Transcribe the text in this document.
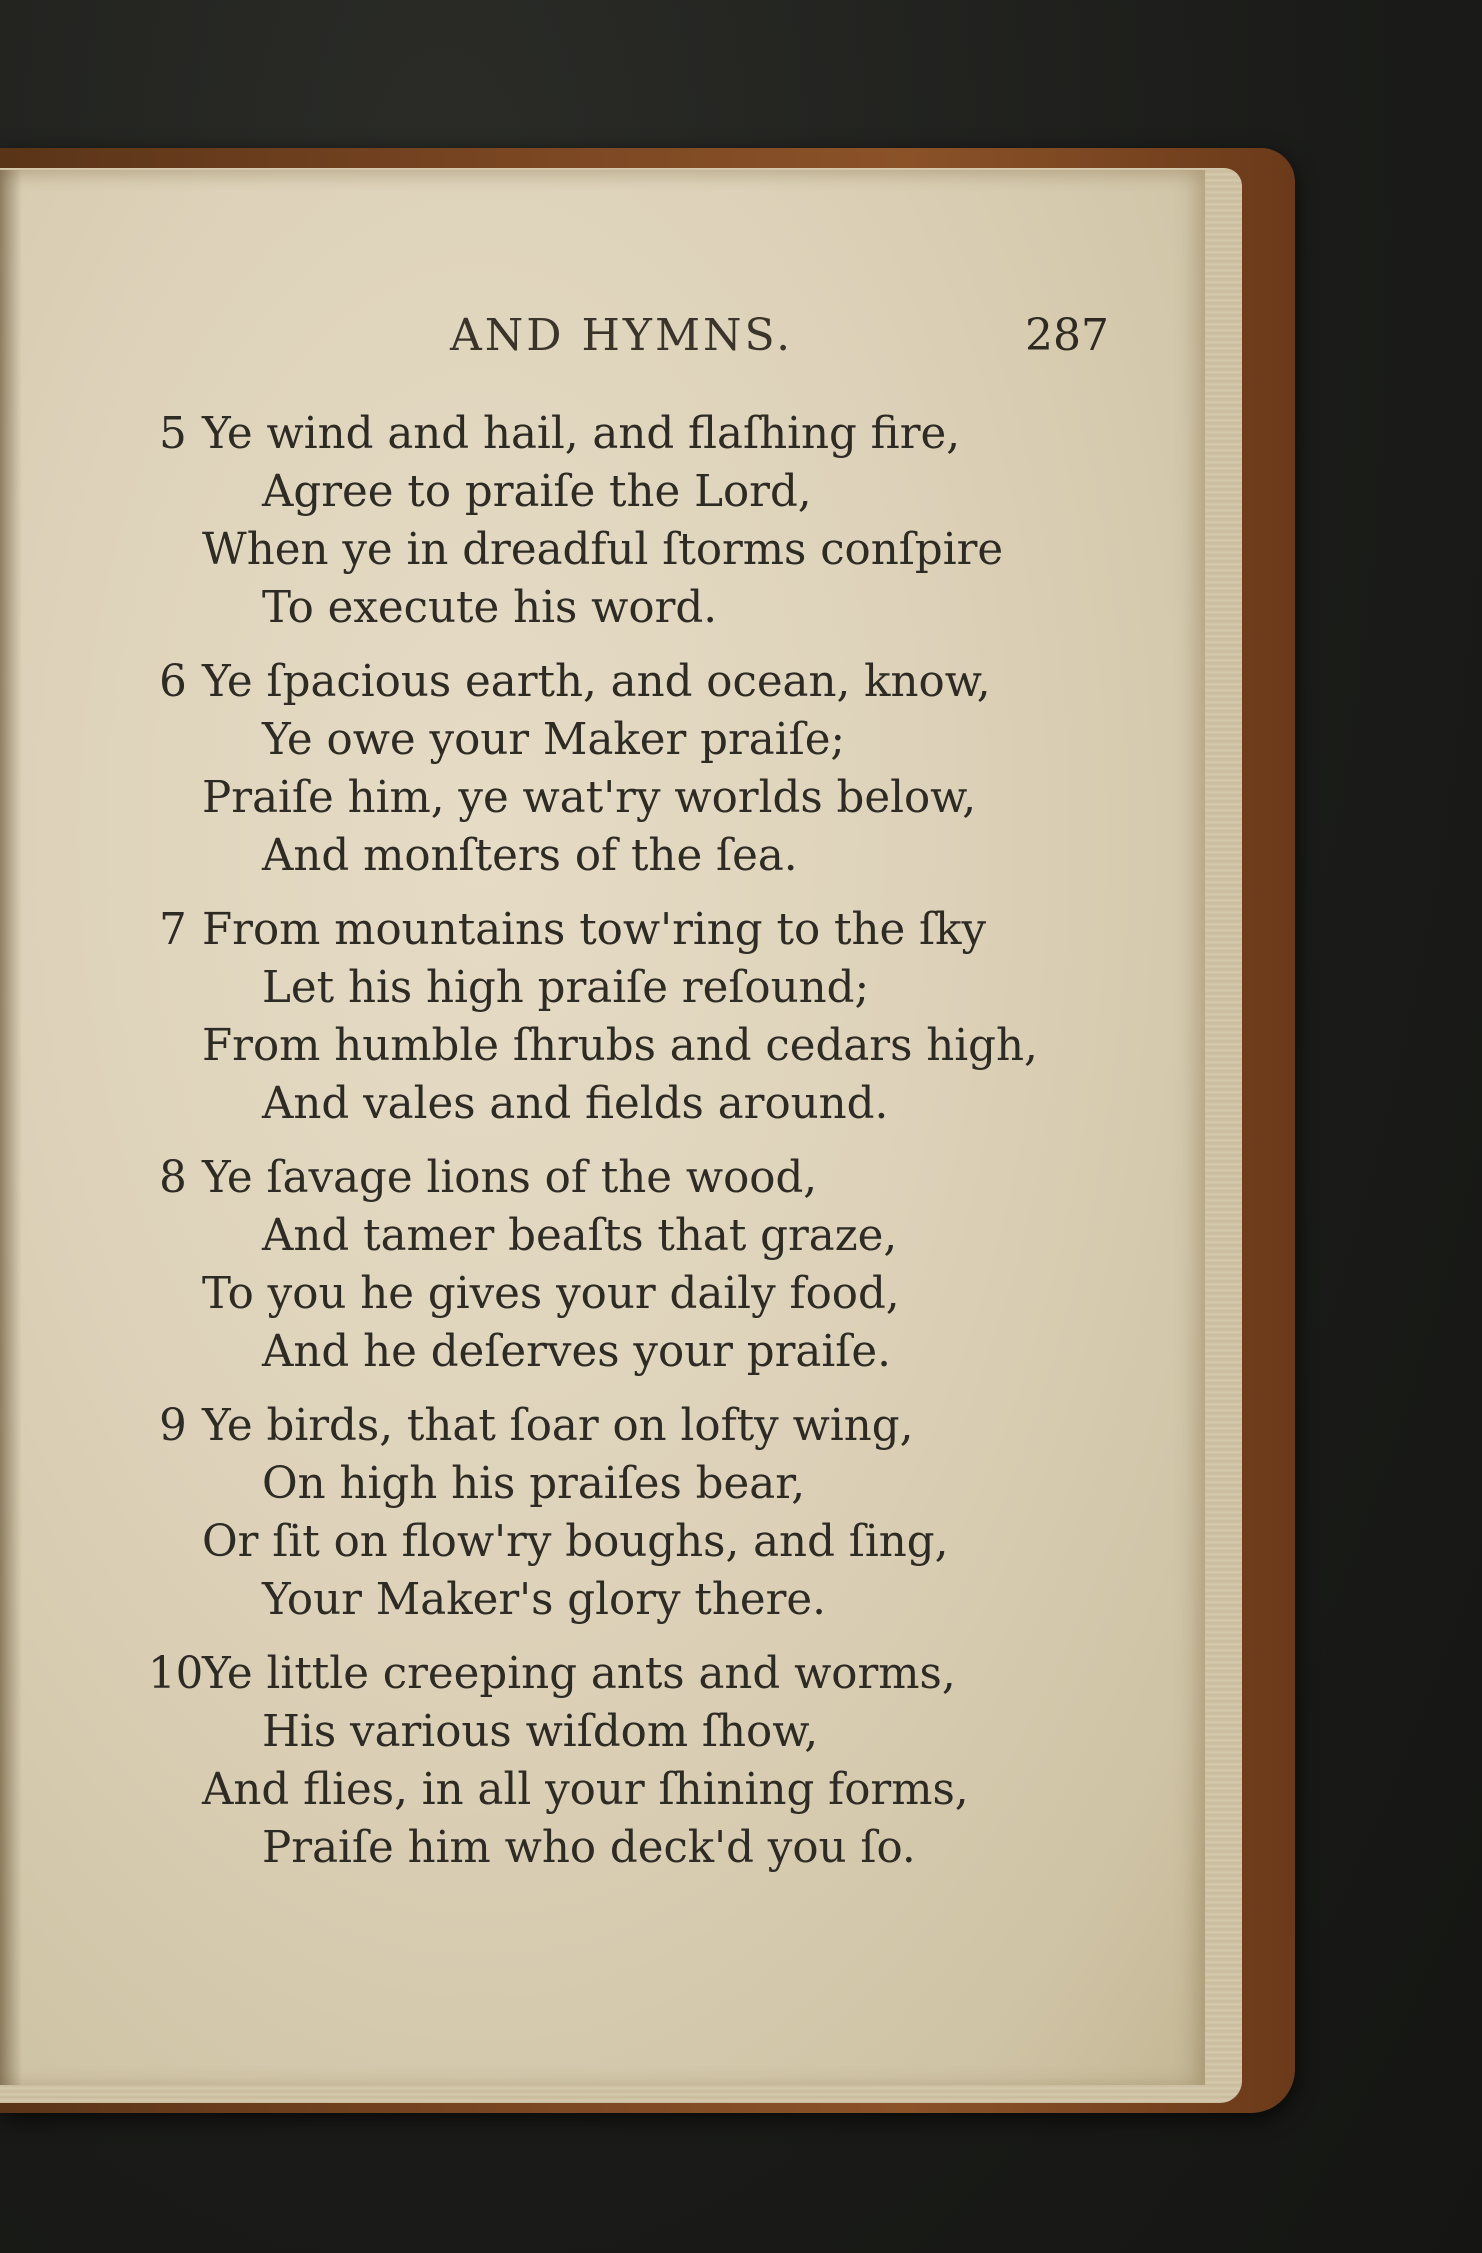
AND HYMNS.	287
5 Ye wind and hail, and flaſhing fire,
Agree to praiſe the Lord,
When ye in dreadful ſtorms conſpire
To execute his word.
6 Ye ſpacious earth, and ocean, know,
Ye owe your Maker praiſe;
Praiſe him, ye wat'ry worlds below,
And monſters of the ſea.
7 From mountains tow'ring to the ſky
Let his high praiſe reſound;
From humble ſhrubs and cedars high,
And vales and fields around.
8 Ye ſavage lions of the wood,
And tamer beaſts that graze,
To you he gives your daily food,
And he deſerves your praiſe.
9 Ye birds, that ſoar on lofty wing,
On high his praiſes bear,
Or ſit on flow'ry boughs, and ſing,
Your Maker's glory there.
10
Ye little creeping ants and worms,
His various wiſdom ſhow,
And flies, in all your ſhining forms,
Praiſe him who deck'd you ſo.
